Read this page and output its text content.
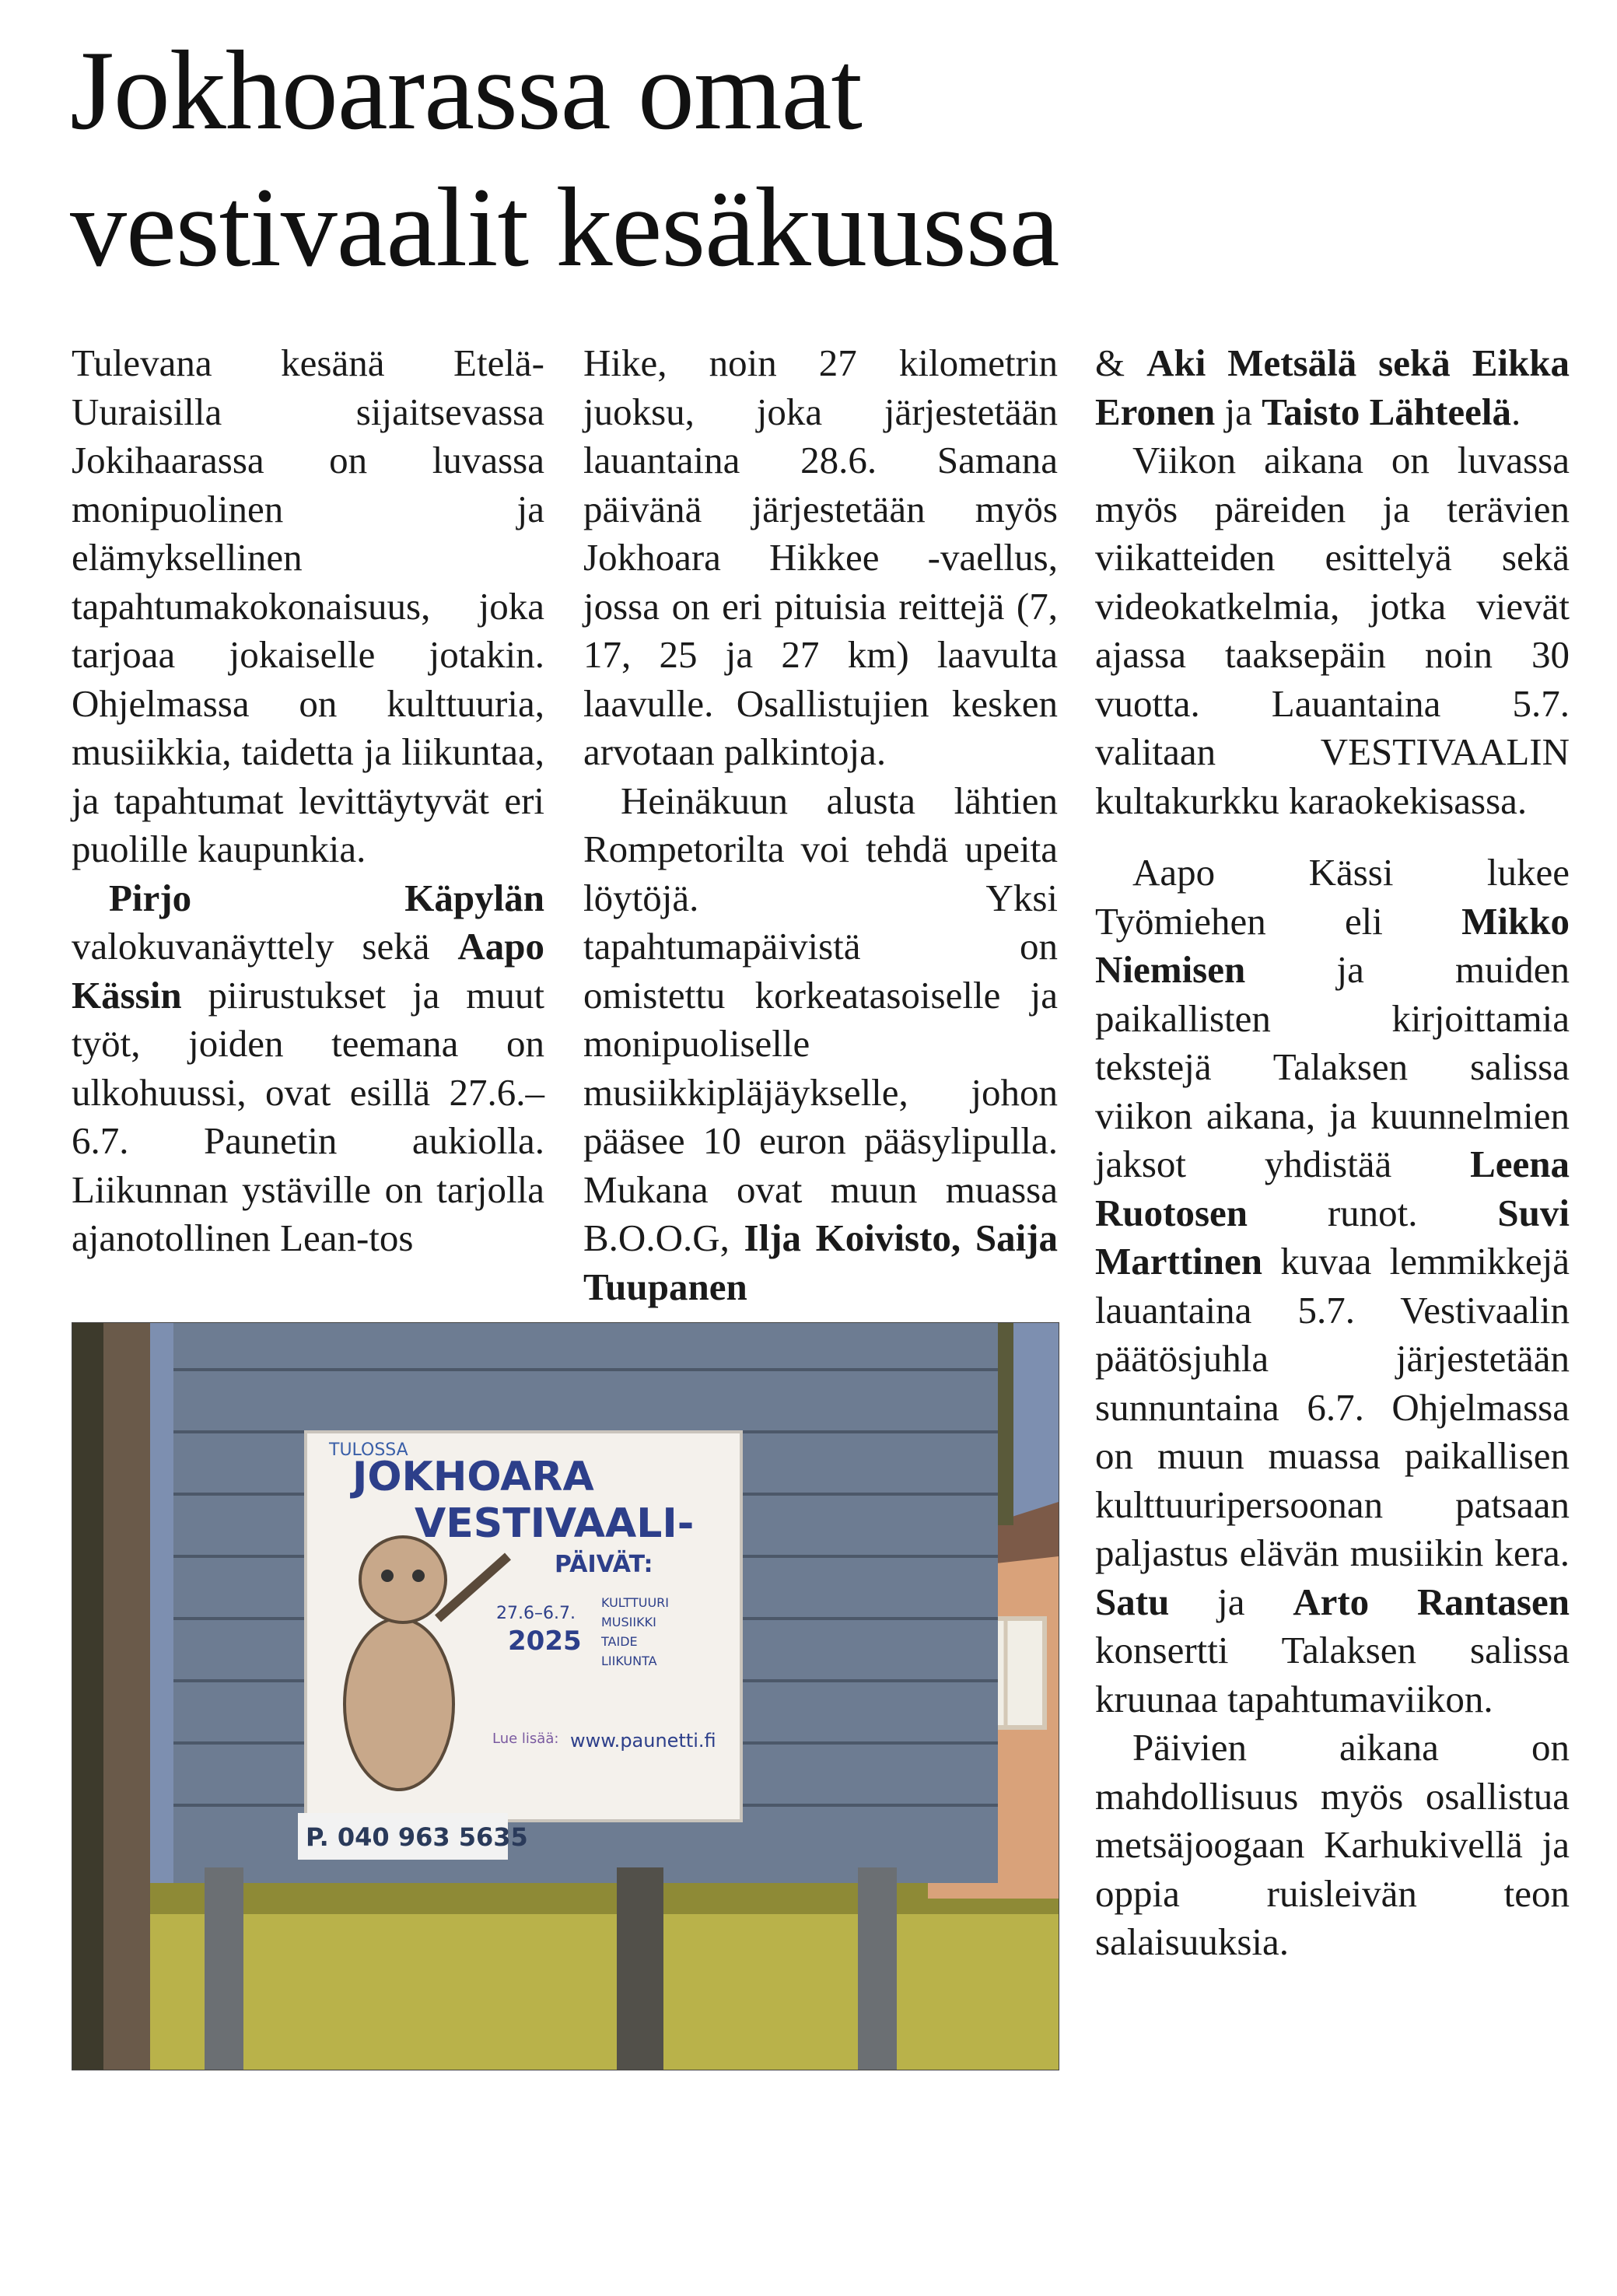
Jokhoarassa omat
vestivaalit kesäkuussa

Tulevana kesänä Etelä-Uuraisilla sijaitsevassa Jokihaarassa on luvassa monipuolinen ja elämyksellinen tapahtumakokonaisuus, joka tarjoaa jokaiselle jotakin. Ohjelmassa on kulttuuria, musiikkia, taidetta ja liikuntaa, ja tapahtumat levittäytyvät eri puolille kaupunkia.

Pirjo Käpylän valokuvanäyttely sekä Aapo Kässin piirustukset ja muut työt, joiden teemana on ulkohuussi, ovat esillä 27.6.–6.7. Paunetin aukiolla. Liikunnan ystäville on tarjolla ajanotollinen Lean-tos

Hike, noin 27 kilometrin juoksu, joka järjestetään lauantaina 28.6. Samana päivänä järjestetään myös Jokhoara Hikkee -vaellus, jossa on eri pituisia reittejä (7, 17, 25 ja 27 km) laavulta laavulle. Osallistujien kesken arvotaan palkintoja.

Heinäkuun alusta lähtien Rompetorilta voi tehdä upeita löytöjä. Yksi tapahtumapäivistä on omistettu korkeatasoiselle ja monipuoliselle musiikkipläjäykselle, johon pääsee 10 euron pääsylipulla. Mukana ovat muun muassa B.O.O.G, Ilja Koivisto, Saija Tuupanen

& Aki Metsälä sekä Eikka Eronen ja Taisto Lähteelä.

Viikon aikana on luvassa myös päreiden ja terävien viikatteiden esittelyä sekä videokatkelmia, jotka vievät ajassa taaksepäin noin 30 vuotta. Lauantaina 5.7. valitaan VESTIVAALIN kultakurkku karaokekisassa.

Aapo Kässi lukee Työmiehen eli Mikko Niemisen ja muiden paikallisten kirjoittamia tekstejä Talaksen salissa viikon aikana, ja kuunnelmien jaksot yhdistää Leena Ruotosen runot. Suvi Marttinen kuvaa lemmikkejä lauantaina 5.7. Vestivaalin päätösjuhla järjestetään sunnuntaina 6.7. Ohjelmassa on muun muassa paikallisen kulttuuripersoonan patsaan paljastus elävän musiikin kera. Satu ja Arto Rantasen konsertti Talaksen salissa kruunaa tapahtumaviikon.

Päivien aikana on mahdollisuus myös osallistua metsäjoogaan Karhukivellä ja oppia ruisleivän teon salaisuuksia.

TULOSSA
JOKHOARA
VESTIVAALI-
PÄIVÄT:
27.6–6.7.
2025
KULTTUURI
MUSIIKKI
TAIDE
LIIKUNTA
Lue lisää: www.paunetti.fi
P. 040 963 5635
